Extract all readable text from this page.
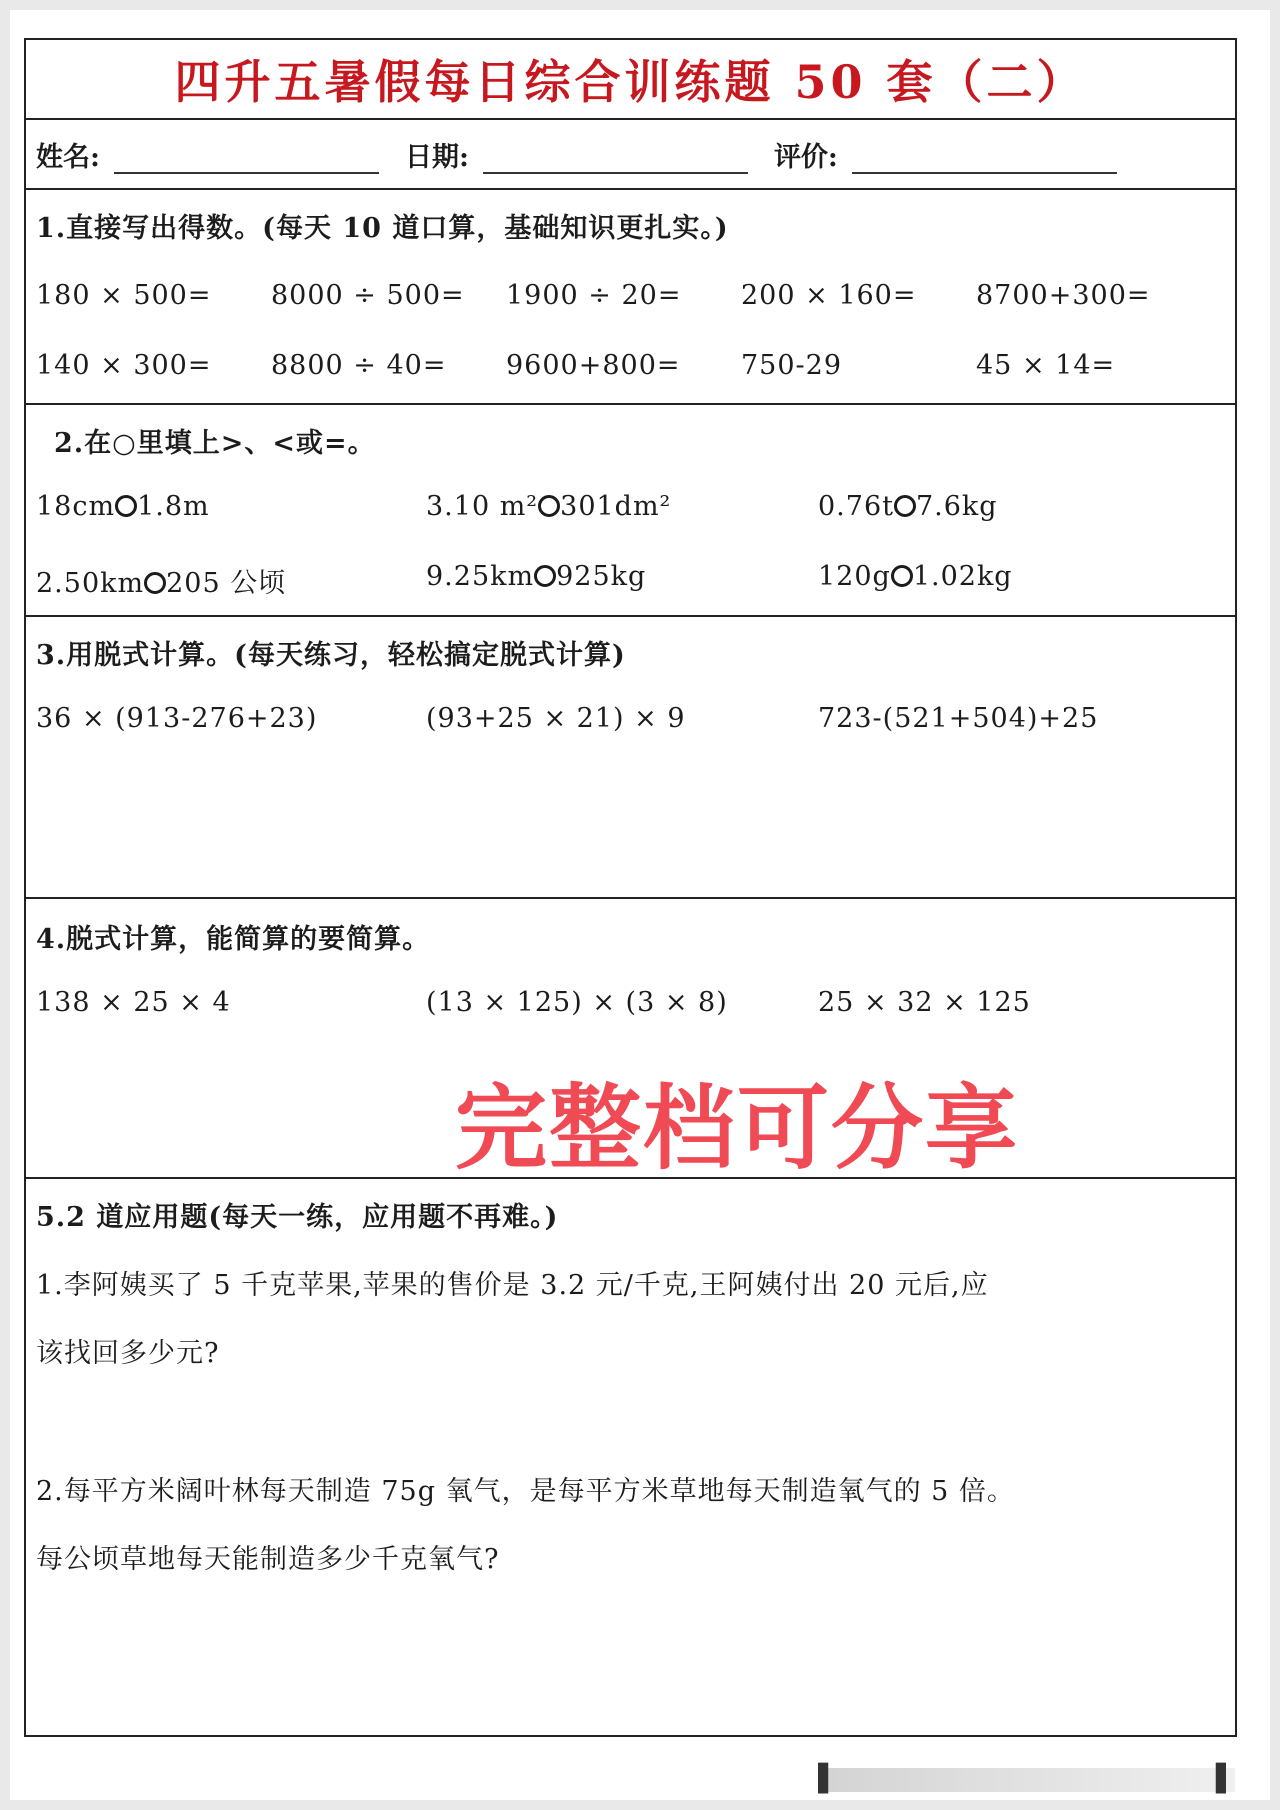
四升五暑假每日综合训练题 50 套（二）
姓名:	日期:	评价:
1.直接写出得数。(每天 10 道口算，基础知识更扎实。)
180 × 500= 8000 ÷ 500= 1900 ÷ 20= 200 × 160= 8700+300=
140 × 300= 8800 ÷ 40= 9600+800= 750-29	45 × 14=
2.在○里填上>、<或=。
18cm 1.8m	3.10 m² 301dm²	0.76t 7.6kg
2.50km 205 公顷	9.25km 925kg	120g 1.02kg
3.用脱式计算。(每天练习，轻松搞定脱式计算)
36 × (913-276+23)	(93+25 × 21) × 9	723-(521+504)+25
4.脱式计算，能简算的要简算。
138 × 25 × 4	(13 × 125) × (3 × 8)	25 × 32 × 125
5.2 道应用题(每天一练，应用题不再难。)
1.李阿姨买了 5 千克苹果,苹果的售价是 3.2 元/千克,王阿姨付出 20 元后,应
该找回多少元?
2.每平方米阔叶林每天制造 75g 氧气，是每平方米草地每天制造氧气的 5 倍。
每公顷草地每天能制造多少千克氧气?
完整档可分享
▐	▌
